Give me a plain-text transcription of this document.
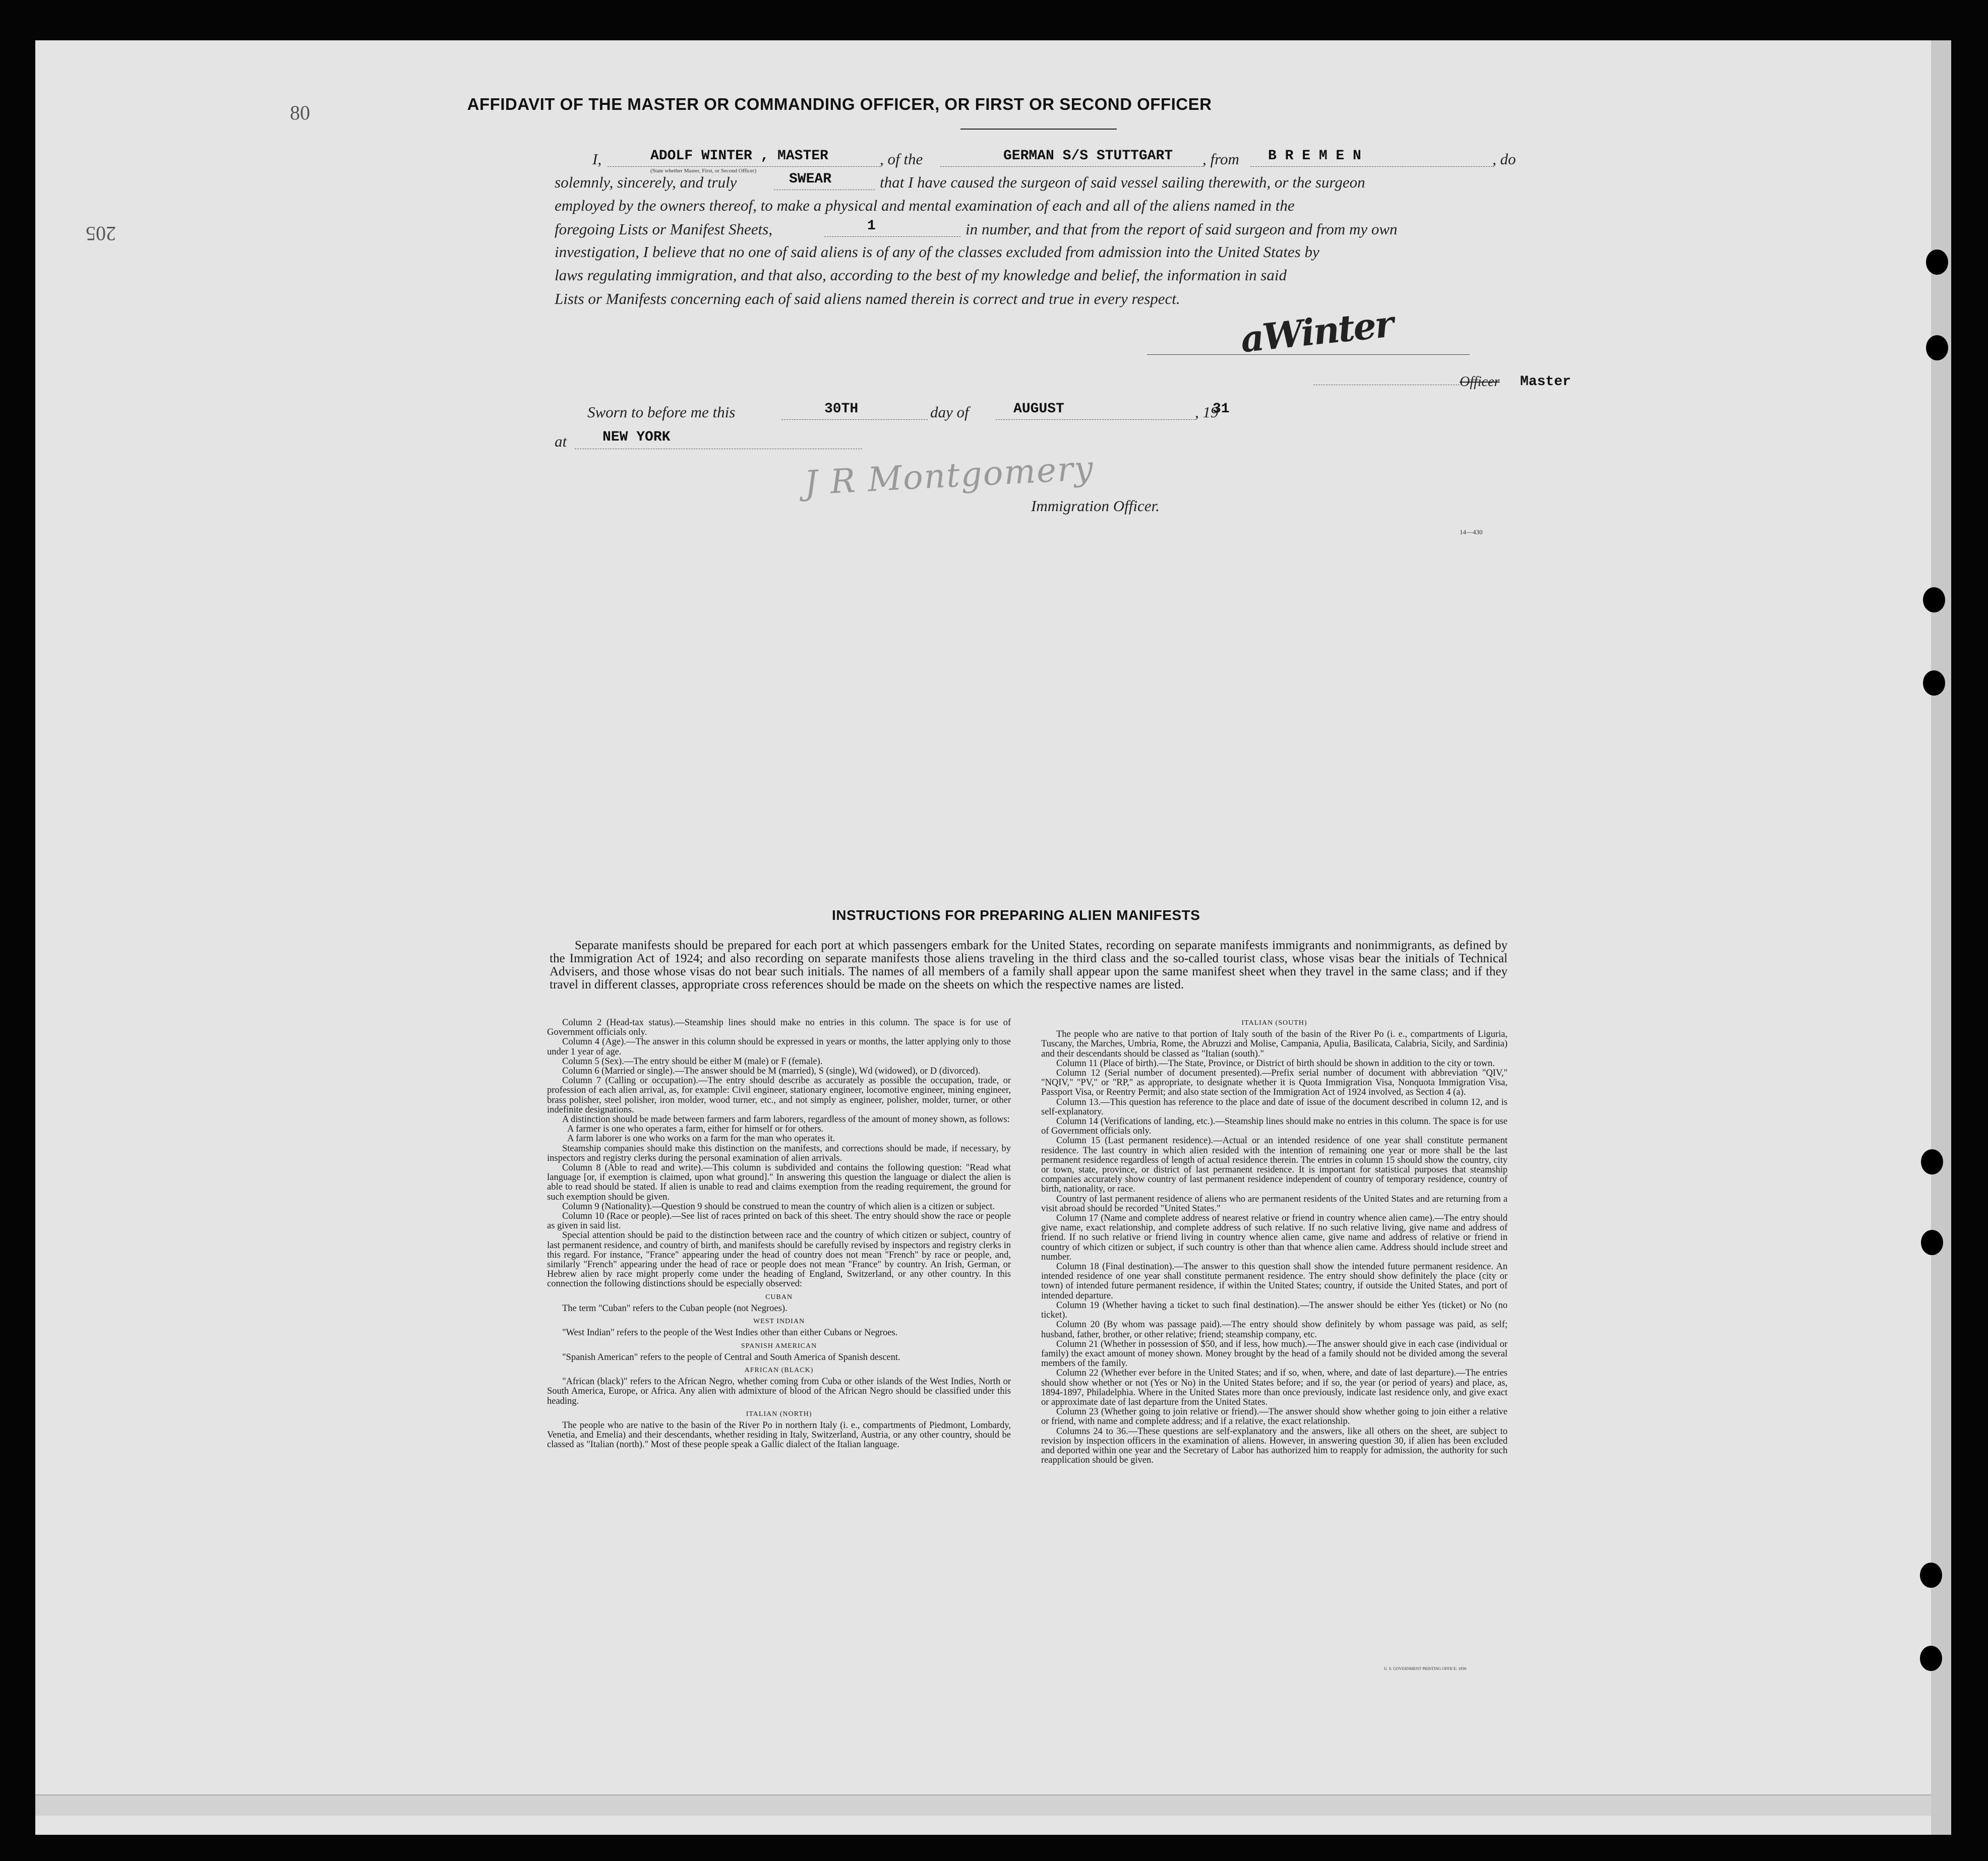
80
205
AFFIDAVIT OF THE MASTER OR COMMANDING OFFICER, OR FIRST OR SECOND OFFICER
I,	ADOLF WINTER , MASTER
(State whether Master, First, or Second Officer)
, of the	GERMAN S/S STUTTGART , from B R E M E N	, do
solemnly, sincerely, and truly	SWEAR	that I have caused the surgeon of said vessel sailing therewith, or the surgeon
employed by the owners thereof, to make a physical and mental examination of each and all of the aliens named in the
foregoing Lists or Manifest Sheets,	1	in number, and that from the report of said surgeon and from my own
investigation, I believe that no one of said aliens is of any of the classes excluded from admission into the United States by
laws regulating immigration, and that also, according to the best of my knowledge and belief, the information in said
Lists or Manifests concerning each of said aliens named therein is correct and true in every respect.
aWinter
Officer Master
Sworn to before me this	30TH	day of	AUGUST	, 19
31
at	NEW YORK
J R Montgomery
Immigration Officer.
14—430
INSTRUCTIONS FOR PREPARING ALIEN MANIFESTS
Separate manifests should be prepared for each port at which passengers embark for the United States, recording on separate manifests immigrants and nonimmigrants, as defined by the Immigration Act of 1924; and also recording on separate manifests those aliens traveling in the third class and the so-called tourist class, whose visas bear the initials of Technical Advisers, and those whose visas do not bear such initials. The names of all members of a family shall appear upon the same manifest sheet when they travel in the same class; and if they travel in different classes, appropriate cross references should be made on the sheets on which the respective names are listed.

Column 2 (Head-tax status).—Steamship lines should make no entries in this column. The space is for use of Government officials only.

Column 4 (Age).—The answer in this column should be expressed in years or months, the latter applying only to those under 1 year of age.

Column 5 (Sex).—The entry should be either M (male) or F (female).

Column 6 (Married or single).—The answer should be M (married), S (single), Wd (widowed), or D (divorced).

Column 7 (Calling or occupation).—The entry should describe as accurately as possible the occupation, trade, or profession of each alien arrival, as, for example: Civil engineer, stationary engineer, locomotive engineer, mining engineer, brass polisher, steel polisher, iron molder, wood turner, etc., and not simply as engineer, polisher, molder, turner, or other indefinite designations.

A distinction should be made between farmers and farm laborers, regardless of the amount of money shown, as follows:

A farmer is one who operates a farm, either for himself or for others.

A farm laborer is one who works on a farm for the man who operates it.

Steamship companies should make this distinction on the manifests, and corrections should be made, if necessary, by inspectors and registry clerks during the personal examination of alien arrivals.

Column 8 (Able to read and write).—This column is subdivided and contains the following question: "Read what language [or, if exemption is claimed, upon what ground]." In answering this question the language or dialect the alien is able to read should be stated. If alien is unable to read and claims exemption from the reading requirement, the ground for such exemption should be given.

Column 9 (Nationality).—Question 9 should be construed to mean the country of which alien is a citizen or subject.

Column 10 (Race or people).—See list of races printed on back of this sheet. The entry should show the race or people as given in said list.

Special attention should be paid to the distinction between race and the country of which citizen or subject, country of last permanent residence, and country of birth, and manifests should be carefully revised by inspectors and registry clerks in this regard. For instance, "France" appearing under the head of country does not mean "French" by race or people, and, similarly "French" appearing under the head of race or people does not mean "France" by country. An Irish, German, or Hebrew alien by race might properly come under the heading of England, Switzerland, or any other country. In this connection the following distinctions should be especially observed:

CUBAN

The term "Cuban" refers to the Cuban people (not Negroes).

WEST INDIAN

"West Indian" refers to the people of the West Indies other than either Cubans or Negroes.

SPANISH AMERICAN

"Spanish American" refers to the people of Central and South America of Spanish descent.

AFRICAN (BLACK)

"African (black)" refers to the African Negro, whether coming from Cuba or other islands of the West Indies, North or South America, Europe, or Africa. Any alien with admixture of blood of the African Negro should be classified under this heading.

ITALIAN (NORTH)

The people who are native to the basin of the River Po in northern Italy (i. e., compartments of Piedmont, Lombardy, Venetia, and Emelia) and their descendants, whether residing in Italy, Switzerland, Austria, or any other country, should be classed as "Italian (north)." Most of these people speak a Gallic dialect of the Italian language.

ITALIAN (SOUTH)

The people who are native to that portion of Italy south of the basin of the River Po (i. e., compartments of Liguria, Tuscany, the Marches, Umbria, Rome, the Abruzzi and Molise, Campania, Apulia, Basilicata, Calabria, Sicily, and Sardinia) and their descendants should be classed as "Italian (south)."

Column 11 (Place of birth).—The State, Province, or District of birth should be shown in addition to the city or town.

Column 12 (Serial number of document presented).—Prefix serial number of document with abbreviation "QIV," "NQIV," "PV," or "RP," as appropriate, to designate whether it is Quota Immigration Visa, Nonquota Immigration Visa, Passport Visa, or Reentry Permit; and also state section of the Immigration Act of 1924 involved, as Section 4 (a).

Column 13.—This question has reference to the place and date of issue of the document described in column 12, and is self-explanatory.

Column 14 (Verifications of landing, etc.).—Steamship lines should make no entries in this column. The space is for use of Government officials only.

Column 15 (Last permanent residence).—Actual or an intended residence of one year shall constitute permanent residence. The last country in which alien resided with the intention of remaining one year or more shall be the last permanent residence regardless of length of actual residence therein. The entries in column 15 should show the country, city or town, state, province, or district of last permanent residence. It is important for statistical purposes that steamship companies accurately show country of last permanent residence independent of country of temporary residence, country of birth, nationality, or race.

Country of last permanent residence of aliens who are permanent residents of the United States and are returning from a visit abroad should be recorded "United States."

Column 17 (Name and complete address of nearest relative or friend in country whence alien came).—The entry should give name, exact relationship, and complete address of such relative. If no such relative living, give name and address of friend. If no such relative or friend living in country whence alien came, give name and address of relative or friend in country of which citizen or subject, if such country is other than that whence alien came. Address should include street and number.

Column 18 (Final destination).—The answer to this question shall show the intended future permanent residence. An intended residence of one year shall constitute permanent residence. The entry should show definitely the place (city or town) of intended future permanent residence, if within the United States; country, if outside the United States, and port of intended departure.

Column 19 (Whether having a ticket to such final destination).—The answer should be either Yes (ticket) or No (no ticket).

Column 20 (By whom was passage paid).—The entry should show definitely by whom passage was paid, as self; husband, father, brother, or other relative; friend; steamship company, etc.

Column 21 (Whether in possession of $50, and if less, how much).—The answer should give in each case (individual or family) the exact amount of money shown. Money brought by the head of a family should not be divided among the several members of the family.

Column 22 (Whether ever before in the United States; and if so, when, where, and date of last departure).—The entries should show whether or not (Yes or No) in the United States before; and if so, the year (or period of years) and place, as, 1894-1897, Philadelphia. Where in the United States more than once previously, indicate last residence only, and give exact or approximate date of last departure from the United States.

Column 23 (Whether going to join relative or friend).—The answer should show whether going to join either a relative or friend, with name and complete address; and if a relative, the exact relationship.

Columns 24 to 36.—These questions are self-explanatory and the answers, like all others on the sheet, are subject to revision by inspection officers in the examination of aliens. However, in answering question 30, if alien has been excluded and deported within one year and the Secretary of Labor has authorized him to reapply for admission, the authority for such reapplication should be given.

U. S. GOVERNMENT PRINTING OFFICE: 1930
